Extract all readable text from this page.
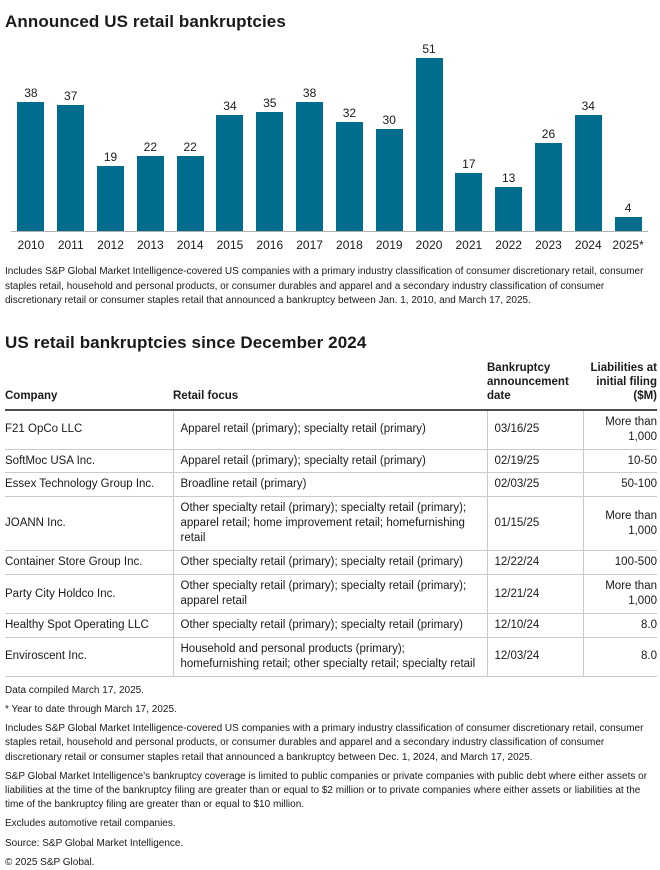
Announced US retail bankruptcies
38 37
19
22 22
34 35
38
32 30
51
17
13
26
34
4
2010	2011	2012	2013	2014	2015	2016	2017	2018	2019	2020	2021	2022	2023	2024 2025*

Includes S&P Global Market Intelligence-covered US companies with a primary industry classification of consumer discretionary retail, consumer staples retail, household and personal products, or consumer durables and apparel and a secondary industry classification of consumer discretionary retail or consumer staples retail that announced a bankruptcy between Jan. 1, 2010, and March 17, 2025.

US retail bankruptcies since December 2024
Company	Retail focus	Bankruptcy announcement date	Liabilities at initial filing ($M)
F21 OpCo LLC	Apparel retail (primary); specialty retail (primary)	03/16/25	More than 1,000
SoftMoc USA Inc.	Apparel retail (primary); specialty retail (primary)	02/19/25	10-50
Essex Technology Group Inc.	Broadline retail (primary)	02/03/25	50-100
JOANN Inc.	Other specialty retail (primary); specialty retail (primary); apparel retail; home improvement retail; homefurnishing retail	01/15/25	More than 1,000
Container Store Group Inc.	Other specialty retail (primary); specialty retail (primary)	12/22/24	100-500
Party City Holdco Inc.	Other specialty retail (primary); specialty retail (primary); apparel retail	12/21/24	More than 1,000
Healthy Spot Operating LLC	Other specialty retail (primary); specialty retail (primary)	12/10/24	8.0
Enviroscent Inc.	Household and personal products (primary); homefurnishing retail; other specialty retail; specialty retail	12/03/24	8.0

Data compiled March 17, 2025.

* Year to date through March 17, 2025.

Includes S&P Global Market Intelligence-covered US companies with a primary industry classification of consumer discretionary retail, consumer staples retail, household and personal products, or consumer durables and apparel and a secondary industry classification of consumer discretionary retail or consumer staples retail that announced a bankruptcy between Dec. 1, 2024, and March 17, 2025.

S&P Global Market Intelligence's bankruptcy coverage is limited to public companies or private companies with public debt where either assets or liabilities at the time of the bankruptcy filing are greater than or equal to $2 million or to private companies where either assets or liabilities at the time of the bankruptcy filing are greater than or equal to $10 million.

Excludes automotive retail companies.

Source: S&P Global Market Intelligence.

© 2025 S&P Global.
